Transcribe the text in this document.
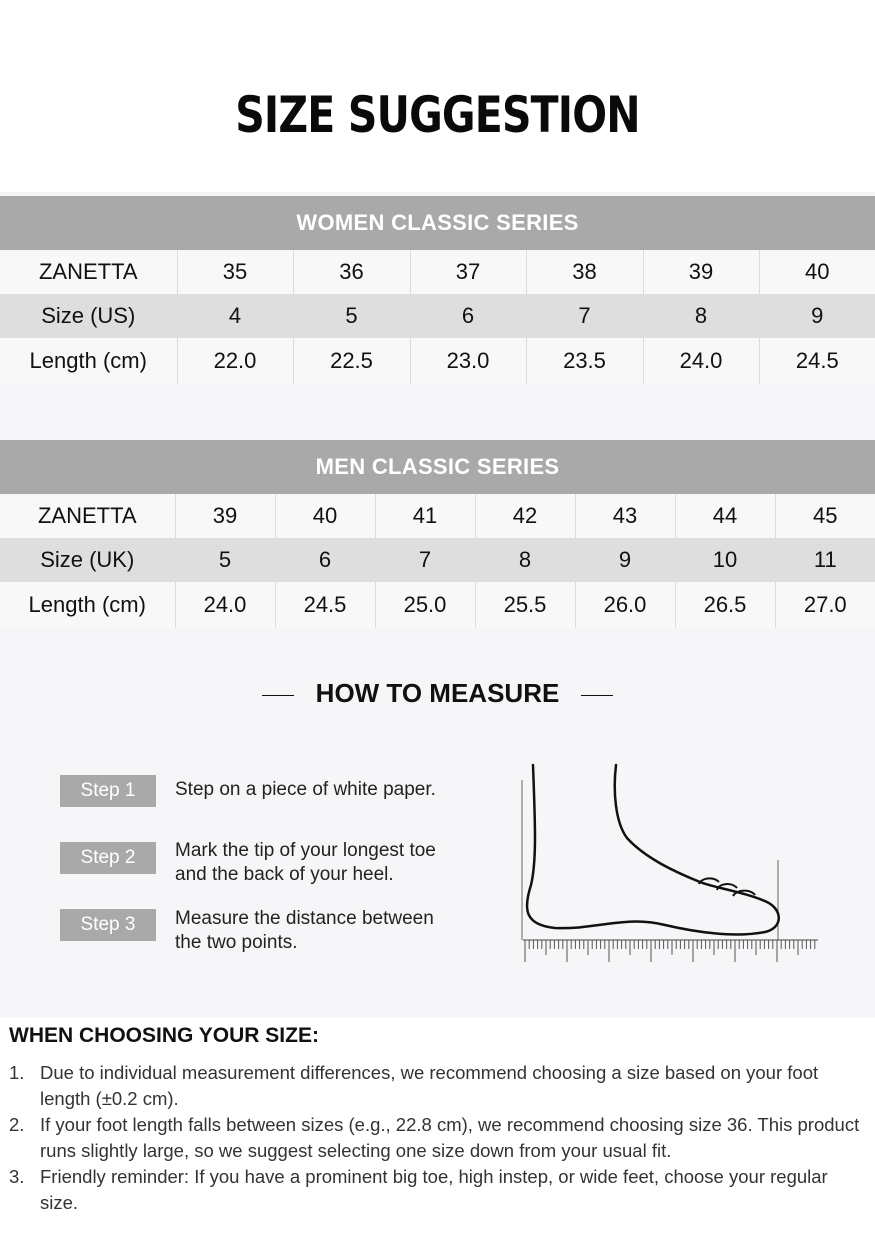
SIZE SUGGESTION
WOMEN CLASSIC SERIES						
ZANETTA	35	36	37	38	39	40
Size (US)	4	5	6	7	8	9
Length (cm)	22.0	22.5	23.0	23.5	24.0	24.5
MEN CLASSIC SERIES							
ZANETTA	39	40	41	42	43	44	45
Size (UK)	5	6	7	8	9	10	11
Length (cm)	24.0	24.5	25.0	25.5	26.0	26.5	27.0
HOW TO MEASURE
Step 1	Step on a piece of white paper.
Step 2	Mark the tip of your longest toe
and the back of your heel.
Step 3	Measure the distance between
the two points.
WHEN CHOOSING YOUR SIZE:
1. Due to individual measurement differences, we recommend choosing a size based on your foot length (±0.2 cm).
2. If your foot length falls between sizes (e.g., 22.8 cm), we recommend choosing size 36. This product runs slightly large, so we suggest selecting one size down from your usual fit.
3. Friendly reminder: If you have a prominent big toe, high instep, or wide feet, choose your regular size.
